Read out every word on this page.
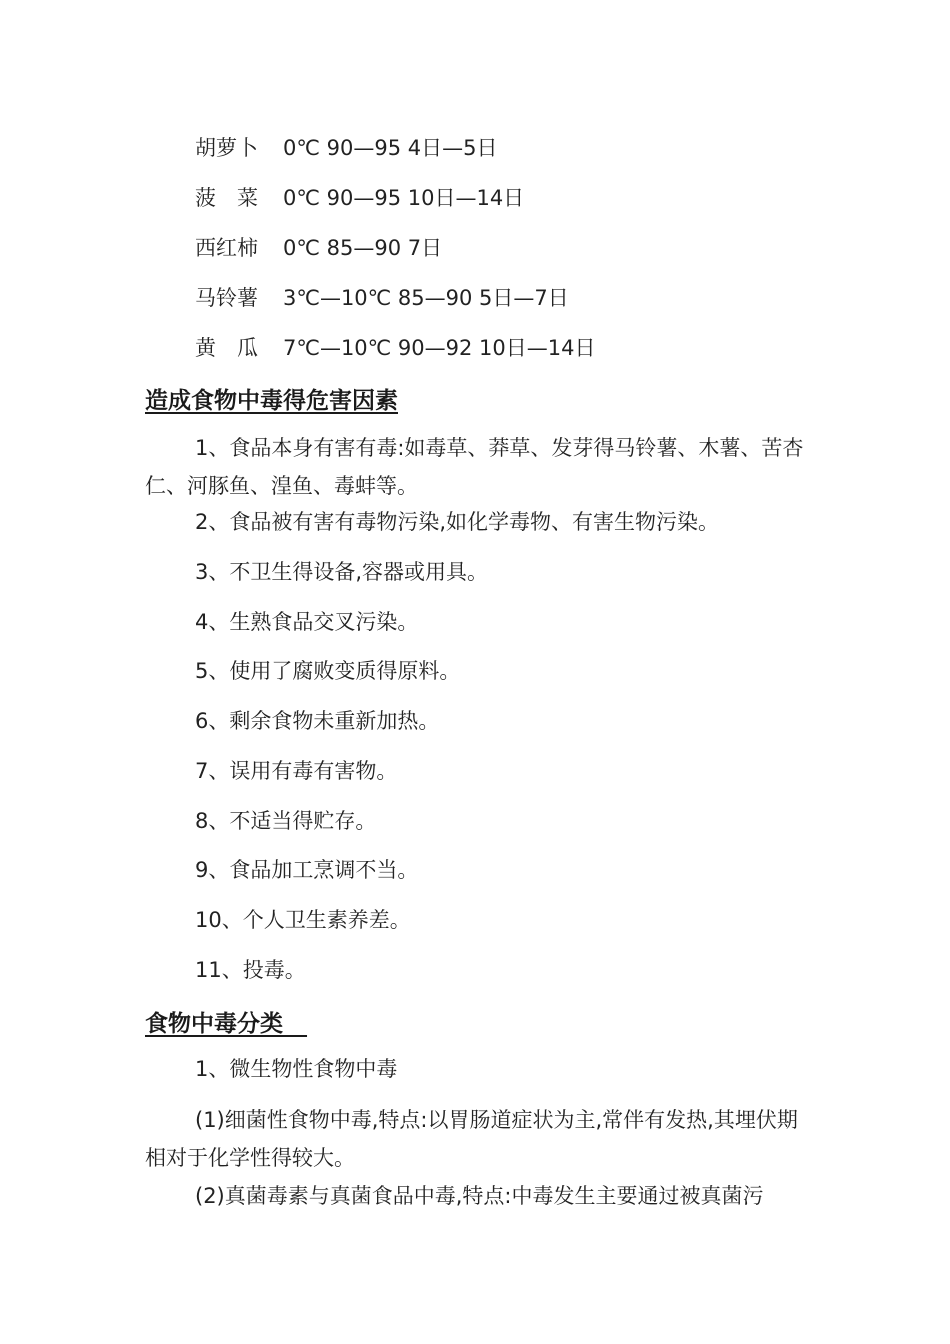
胡萝卜 0℃ 90—95 4日—5日
菠　菜 0℃ 90—95 10日—14日
西红柿 0℃ 85—90 7日
马铃薯 3℃—10℃ 85—90 5日—7日
黄　瓜 7℃—10℃ 90—92 10日—14日
造成食物中毒得危害因素
1、食品本身有害有毒:如毒草、莽草、发芽得马铃薯、木薯、苦杏仁、河豚鱼、湟鱼、毒蚌等。
2、食品被有害有毒物污染,如化学毒物、有害生物污染。
3、不卫生得设备,容器或用具。
4、生熟食品交叉污染。
5、使用了腐败变质得原料。
6、剩余食物未重新加热。
7、误用有毒有害物。
8、不适当得贮存。
9、食品加工烹调不当。
10、个人卫生素养差。
11、投毒。
食物中毒分类
1、微生物性食物中毒
(1)细菌性食物中毒,特点:以胃肠道症状为主,常伴有发热,其埋伏期相对于化学性得较大。
(2)真菌毒素与真菌食品中毒,特点:中毒发生主要通过被真菌污
